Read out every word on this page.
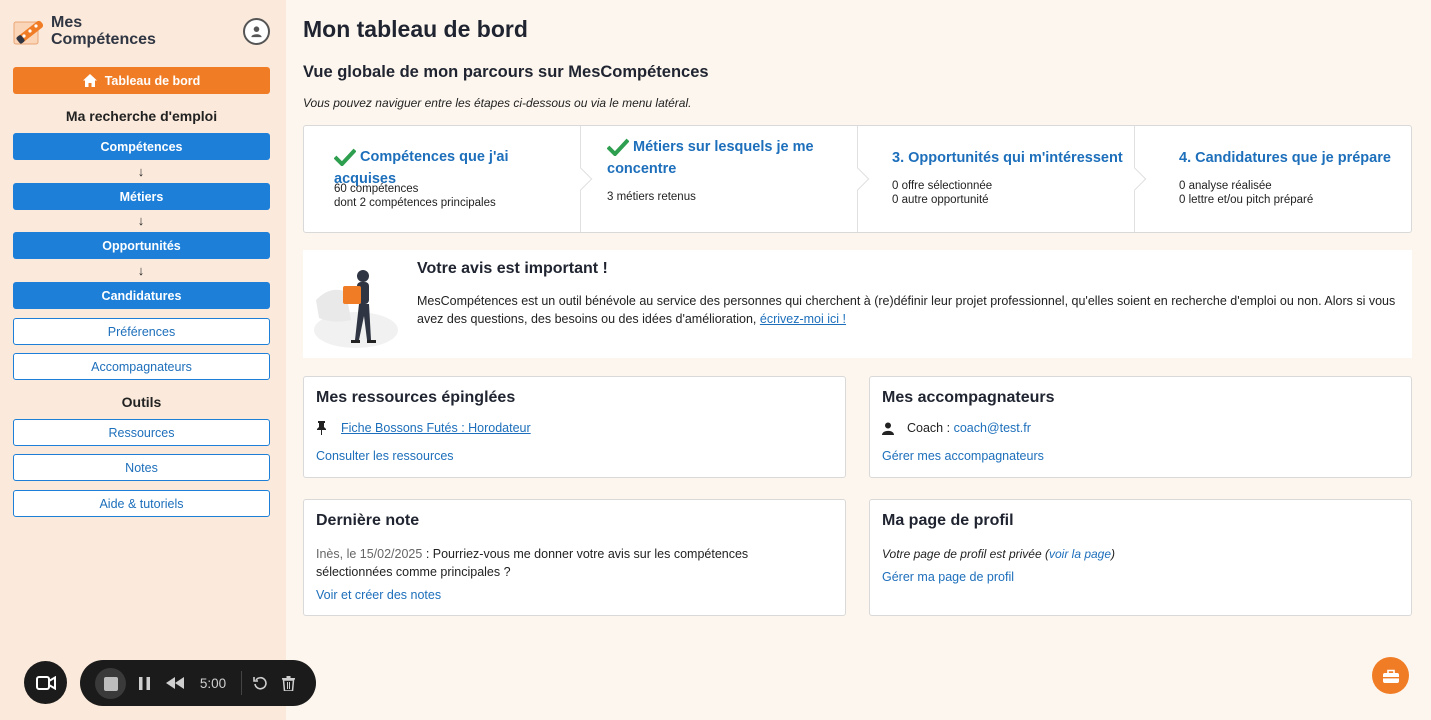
Mes
Compétences
Tableau de bord
Ma recherche d'emploi
Compétences
↓
Métiers
↓
Opportunités
↓
Candidatures
Préférences
Accompagnateurs
Outils
Ressources
Notes
Aide & tutoriels
Mon tableau de bord
Vue globale de mon parcours sur MesCompétences
Vous pouvez naviguer entre les étapes ci-dessous ou via le menu latéral.
Compétences que j'ai acquises
60 compétences
dont 2 compétences principales
Métiers sur lesquels je me concentre
3 métiers retenus
3. Opportunités qui m'intéressent
0 offre sélectionnée
0 autre opportunité
4. Candidatures que je prépare
0 analyse réalisée
0 lettre et/ou pitch préparé
Votre avis est important !
MesCompétences est un outil bénévole au service des personnes qui cherchent à (re)définir leur projet professionnel, qu'elles soient en recherche d'emploi ou non. Alors si vous avez des questions, des besoins ou des idées d'amélioration, écrivez-moi ici !
Mes ressources épinglées
Fiche Bossons Futés : Horodateur
Consulter les ressources
Mes accompagnateurs
Coach :
coach@test.fr
Gérer mes accompagnateurs
Dernière note
Inès, le 15/02/2025 : Pourriez-vous me donner votre avis sur les compétences sélectionnées comme principales ?
Voir et créer des notes
Ma page de profil
Votre page de profil est privée (voir la page)
Gérer ma page de profil
5:00
